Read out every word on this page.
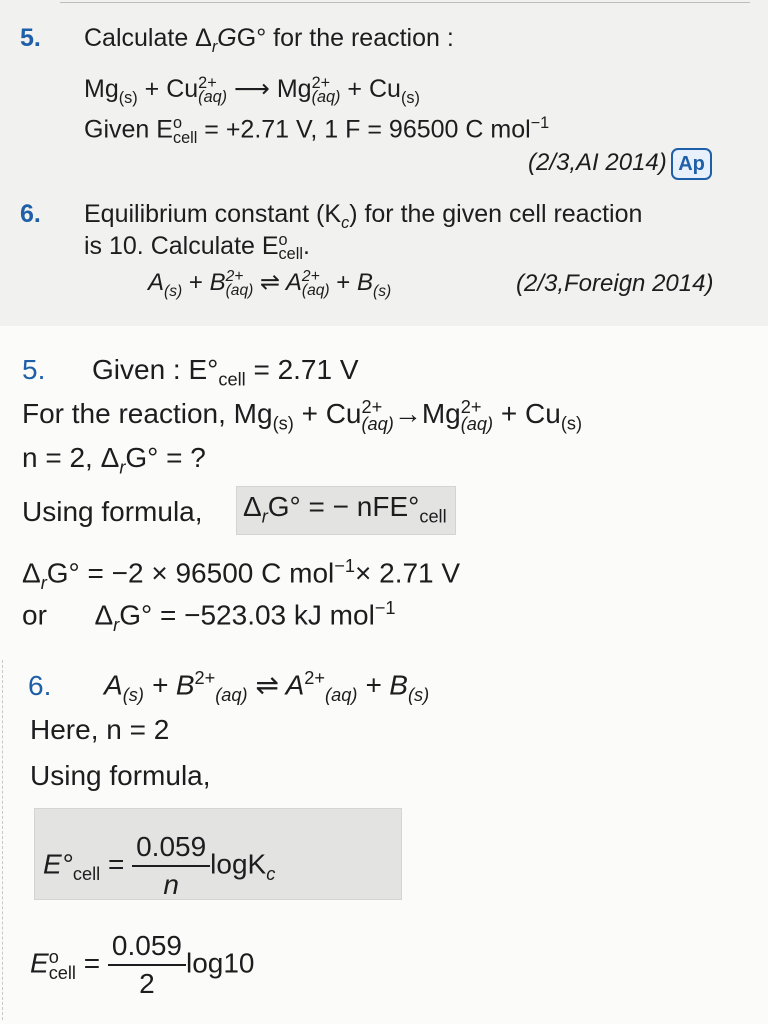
5. Calculate $\Delta_rGG^\circ$ for the reaction :
$Mg_{(s)} + Cu$ 2+
(aq) ⟶ Mg 2+
$(aq) + Cu_{(s)}$
Given E o
cell = +2.71 V, 1 F = 96500 C mol$^{-1}$
(2/3,AI 2014) Ap
6. Equilibrium constant $(K_c)$ for the given cell reaction
is 10. Calculate E o
cell .
$A_{(s)} + B$ 2+
(aq) ⇌ A 2+
$(aq) + B_{(s)}$	(2/3,Foreign 2014)
5. Given : $E^\circ_{cell} = 2.71$ V
For the reaction, $Mg_{(s)} + Cu$ 2+
(aq) →Mg 2+
$(aq) + Cu_{(s)}$
n = 2, $\Delta_rG^\circ$ = ?
Using formula, $\Delta_rG^\circ$ = − $nFE^\circ_{cell}$
$\Delta_rG^\circ = -2 \times 96500$ C mol$^{-1}$× 2.71 V
or $\Delta_rG^\circ = -523.03$ kJ mol$^{-1}$
6. $A_{(s)} + B^{2+}_{(aq)}$ ⇌ $A^{2+}_{(aq)} + B_{(s)}$
Here, n = 2
Using formula,
$E^\circ_{cell} = \frac{0.059}{n} \log K_c$
E o
cell = $\frac{0.059}{2} \log 10$
